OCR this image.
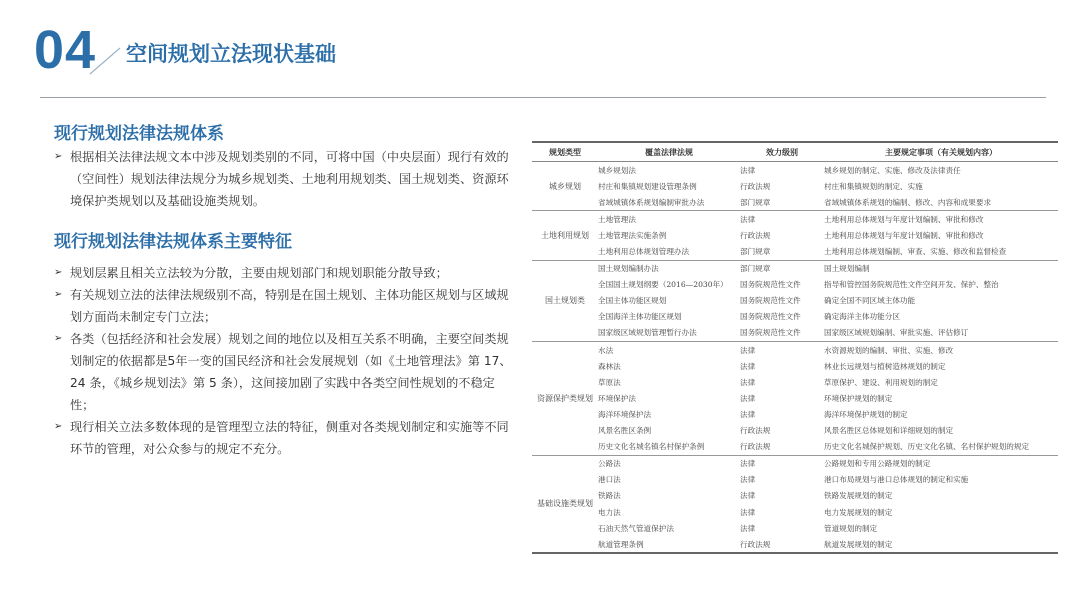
04 空间规划立法现状基础
现行规划法律法规体系
➢ 根据相关法律法规文本中涉及规划类别的不同，可将中国（中央层面）现行有效的（空间性）规划法律法规分为城乡规划类、土地利用规划类、国土规划类、资源环境保护类规划以及基础设施类规划。
现行规划法律法规体系主要特征
➢ 规划层累且相关立法较为分散，主要由规划部门和规划职能分散导致；
➢ 有关规划立法的法律法规级别不高，特别是在国土规划、主体功能区规划与区域规划方面尚未制定专门立法；
➢ 各类（包括经济和社会发展）规划之间的地位以及相互关系不明确，主要空间类规划制定的依据都是5年一变的国民经济和社会发展规划（如《土地管理法》第 17、24 条，《城乡规划法》第 5 条），这间接加剧了实践中各类空间性规划的不稳定性；
➢ 现行相关立法多数体现的是管理型立法的特征，侧重对各类规划制定和实施等不同环节的管理，对公众参与的规定不充分。
规划类型	覆盖法律法规	效力级别	主要规定事项（有关规划内容）
城乡规划
城乡规划法	法律	城乡规划的制定、实施、修改及法律责任
村庄和集镇规划建设管理条例	行政法规	村庄和集镇规划的制定、实施
省域城镇体系规划编制审批办法	部门规章	省域城镇体系规划的编制、修改、内容和成果要求
土地利用规划
土地管理法	法律	土地利用总体规划与年度计划编制、审批和修改
土地管理法实施条例	行政法规	土地利用总体规划与年度计划编制、审批和修改
土地利用总体规划管理办法	部门规章	土地利用总体规划编制、审查、实施、修改和监督检查
国土规划类
国土规划编制办法	部门规章	国土规划编制
全国国土规划纲要（2016—2030年）	国务院规范性文件	指导和管控国务院规范性文件空间开发、保护、整治
全国主体功能区规划	国务院规范性文件	确定全国不同区域主体功能
全国海洋主体功能区规划	国务院规范性文件	确定海洋主体功能分区
国家级区域规划管理暂行办法	国务院规范性文件	国家级区域规划编制、审批实施、评估修订
资源保护类规划
水法	法律	水资源规划的编制、审批、实施、修改
森林法	法律	林业长远规划与植树造林规划的制定
草原法	法律	草原保护、建设、利用规划的制定
环境保护法	法律	环境保护规划的制定
海洋环境保护法	法律	海洋环境保护规划的制定
风景名胜区条例	行政法规	风景名胜区总体规划和详细规划的制定
历史文化名城名镇名村保护条例	行政法规	历史文化名城保护规划、历史文化名镇、名村保护规划的规定
基础设施类规划
公路法	法律	公路规划和专用公路规划的制定
港口法	法律	港口布局规划与港口总体规划的制定和实施
铁路法	法律	铁路发展规划的制定
电力法	法律	电力发展规划的制定
石油天然气管道保护法	法律	管道规划的制定
航道管理条例	行政法规	航道发展规划的制定
